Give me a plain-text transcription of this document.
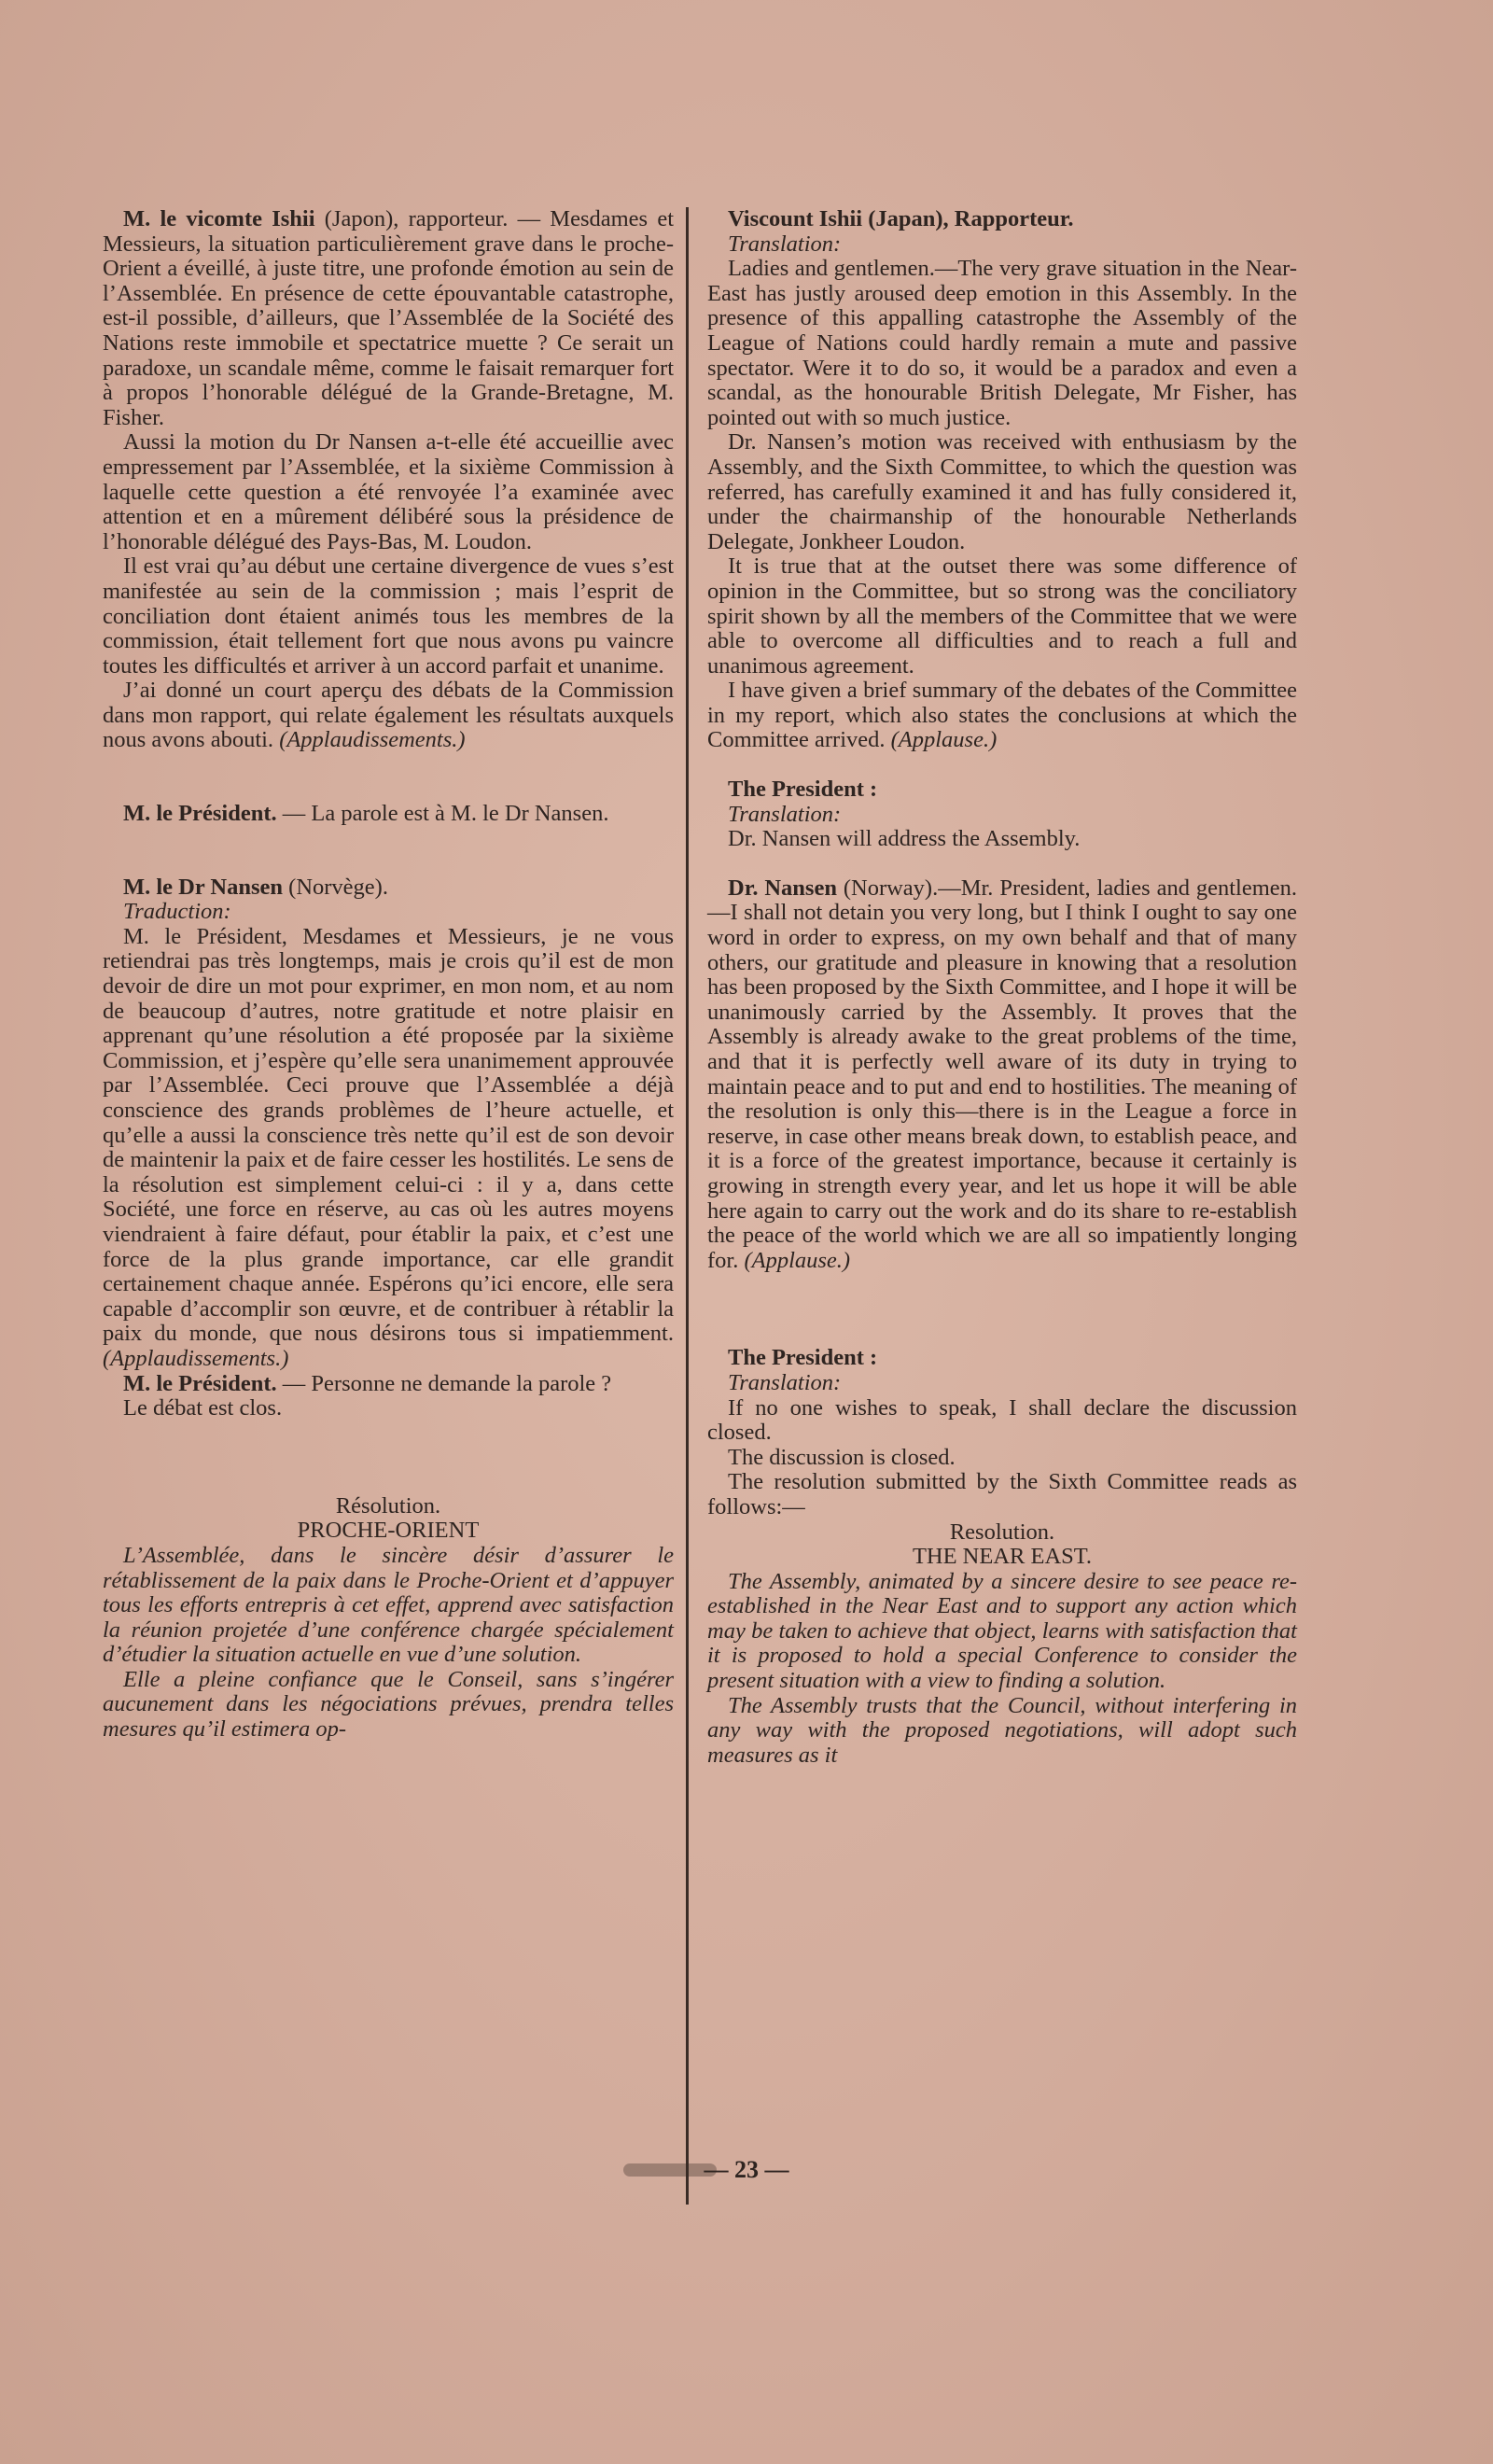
M. le vicomte Ishii (Japon), rapporteur. — Mesdames et Messieurs, la situation particulièrement grave dans le proche-Orient a éveillé, à juste titre, une profonde émotion au sein de l’Assemblée. En présence de cette épouvantable catastrophe, est-il possible, d’ailleurs, que l’Assemblée de la Société des Nations reste immobile et spectatrice muette ? Ce serait un paradoxe, un scandale même, comme le faisait remarquer fort à propos l’honorable délégué de la Grande-Bretagne, M. Fisher.

Aussi la motion du Dr Nansen a-t-elle été accueillie avec empressement par l’Assemblée, et la sixième Commission à laquelle cette question a été renvoyée l’a examinée avec attention et en a mûrement délibéré sous la présidence de l’honorable délégué des Pays-Bas, M. Loudon.

Il est vrai qu’au début une certaine divergence de vues s’est manifestée au sein de la commission ; mais l’esprit de conciliation dont étaient animés tous les membres de la commission, était tellement fort que nous avons pu vaincre toutes les difficultés et arriver à un accord parfait et unanime.

J’ai donné un court aperçu des débats de la Commission dans mon rapport, qui relate également les résultats auxquels nous avons abouti. (Applaudissements.)

M. le Président. — La parole est à M. le Dr Nansen.

M. le Dr Nansen (Norvège).

Traduction:

M. le Président, Mesdames et Messieurs, je ne vous retiendrai pas très longtemps, mais je crois qu’il est de mon devoir de dire un mot pour exprimer, en mon nom, et au nom de beaucoup d’autres, notre gratitude et notre plaisir en apprenant qu’une résolution a été proposée par la sixième Commission, et j’espère qu’elle sera unanimement approuvée par l’Assemblée. Ceci prouve que l’Assemblée a déjà conscience des grands problèmes de l’heure actuelle, et qu’elle a aussi la conscience très nette qu’il est de son devoir de maintenir la paix et de faire cesser les hostilités. Le sens de la résolution est simplement celui-ci : il y a, dans cette Société, une force en réserve, au cas où les autres moyens viendraient à faire défaut, pour établir la paix, et c’est une force de la plus grande importance, car elle grandit certainement chaque année. Espérons qu’ici encore, elle sera capable d’accomplir son œuvre, et de contribuer à rétablir la paix du monde, que nous désirons tous si impatiemment. (Applaudissements.)

M. le Président. — Personne ne demande la parole ?

Le débat est clos.

Résolution.

PROCHE-ORIENT

L’Assemblée, dans le sincère désir d’assurer le rétablissement de la paix dans le Proche-Orient et d’appuyer tous les efforts entrepris à cet effet, apprend avec satisfaction la réunion projetée d’une conférence chargée spécialement d’étudier la situation actuelle en vue d’une solution.

Elle a pleine confiance que le Conseil, sans s’ingérer aucunement dans les négociations prévues, prendra telles mesures qu’il estimera op-

Viscount Ishii (Japan), Rapporteur.

Translation:

Ladies and gentlemen.—The very grave situation in the Near-East has justly aroused deep emotion in this Assembly. In the presence of this appalling catastrophe the Assembly of the League of Nations could hardly remain a mute and passive spectator. Were it to do so, it would be a paradox and even a scandal, as the honourable British Delegate, Mr Fisher, has pointed out with so much justice.

Dr. Nansen’s motion was received with enthusiasm by the Assembly, and the Sixth Committee, to which the question was referred, has carefully examined it and has fully considered it, under the chairmanship of the honourable Netherlands Delegate, Jonkheer Loudon.

It is true that at the outset there was some difference of opinion in the Committee, but so strong was the conciliatory spirit shown by all the members of the Committee that we were able to overcome all difficulties and to reach a full and unanimous agreement.

I have given a brief summary of the debates of the Committee in my report, which also states the conclusions at which the Committee arrived. (Applause.)

The President :

Translation:

Dr. Nansen will address the Assembly.

Dr. Nansen (Norway).—Mr. President, ladies and gentlemen.—I shall not detain you very long, but I think I ought to say one word in order to express, on my own behalf and that of many others, our gratitude and pleasure in knowing that a resolution has been proposed by the Sixth Committee, and I hope it will be unanimously carried by the Assembly. It proves that the Assembly is already awake to the great problems of the time, and that it is perfectly well aware of its duty in trying to maintain peace and to put and end to hostilities. The meaning of the resolution is only this—there is in the League a force in reserve, in case other means break down, to establish peace, and it is a force of the greatest importance, because it certainly is growing in strength every year, and let us hope it will be able here again to carry out the work and do its share to re-establish the peace of the world which we are all so impatiently longing for. (Applause.)

The President :

Translation:

If no one wishes to speak, I shall declare the discussion closed.

The discussion is closed.

The resolution submitted by the Sixth Committee reads as follows:—

Resolution.

THE NEAR EAST.

The Assembly, animated by a sincere desire to see peace re-established in the Near East and to support any action which may be taken to achieve that object, learns with satisfaction that it is proposed to hold a special Conference to consider the present situation with a view to finding a solution.

The Assembly trusts that the Council, without interfering in any way with the proposed negotiations, will adopt such measures as it

— 23 —
